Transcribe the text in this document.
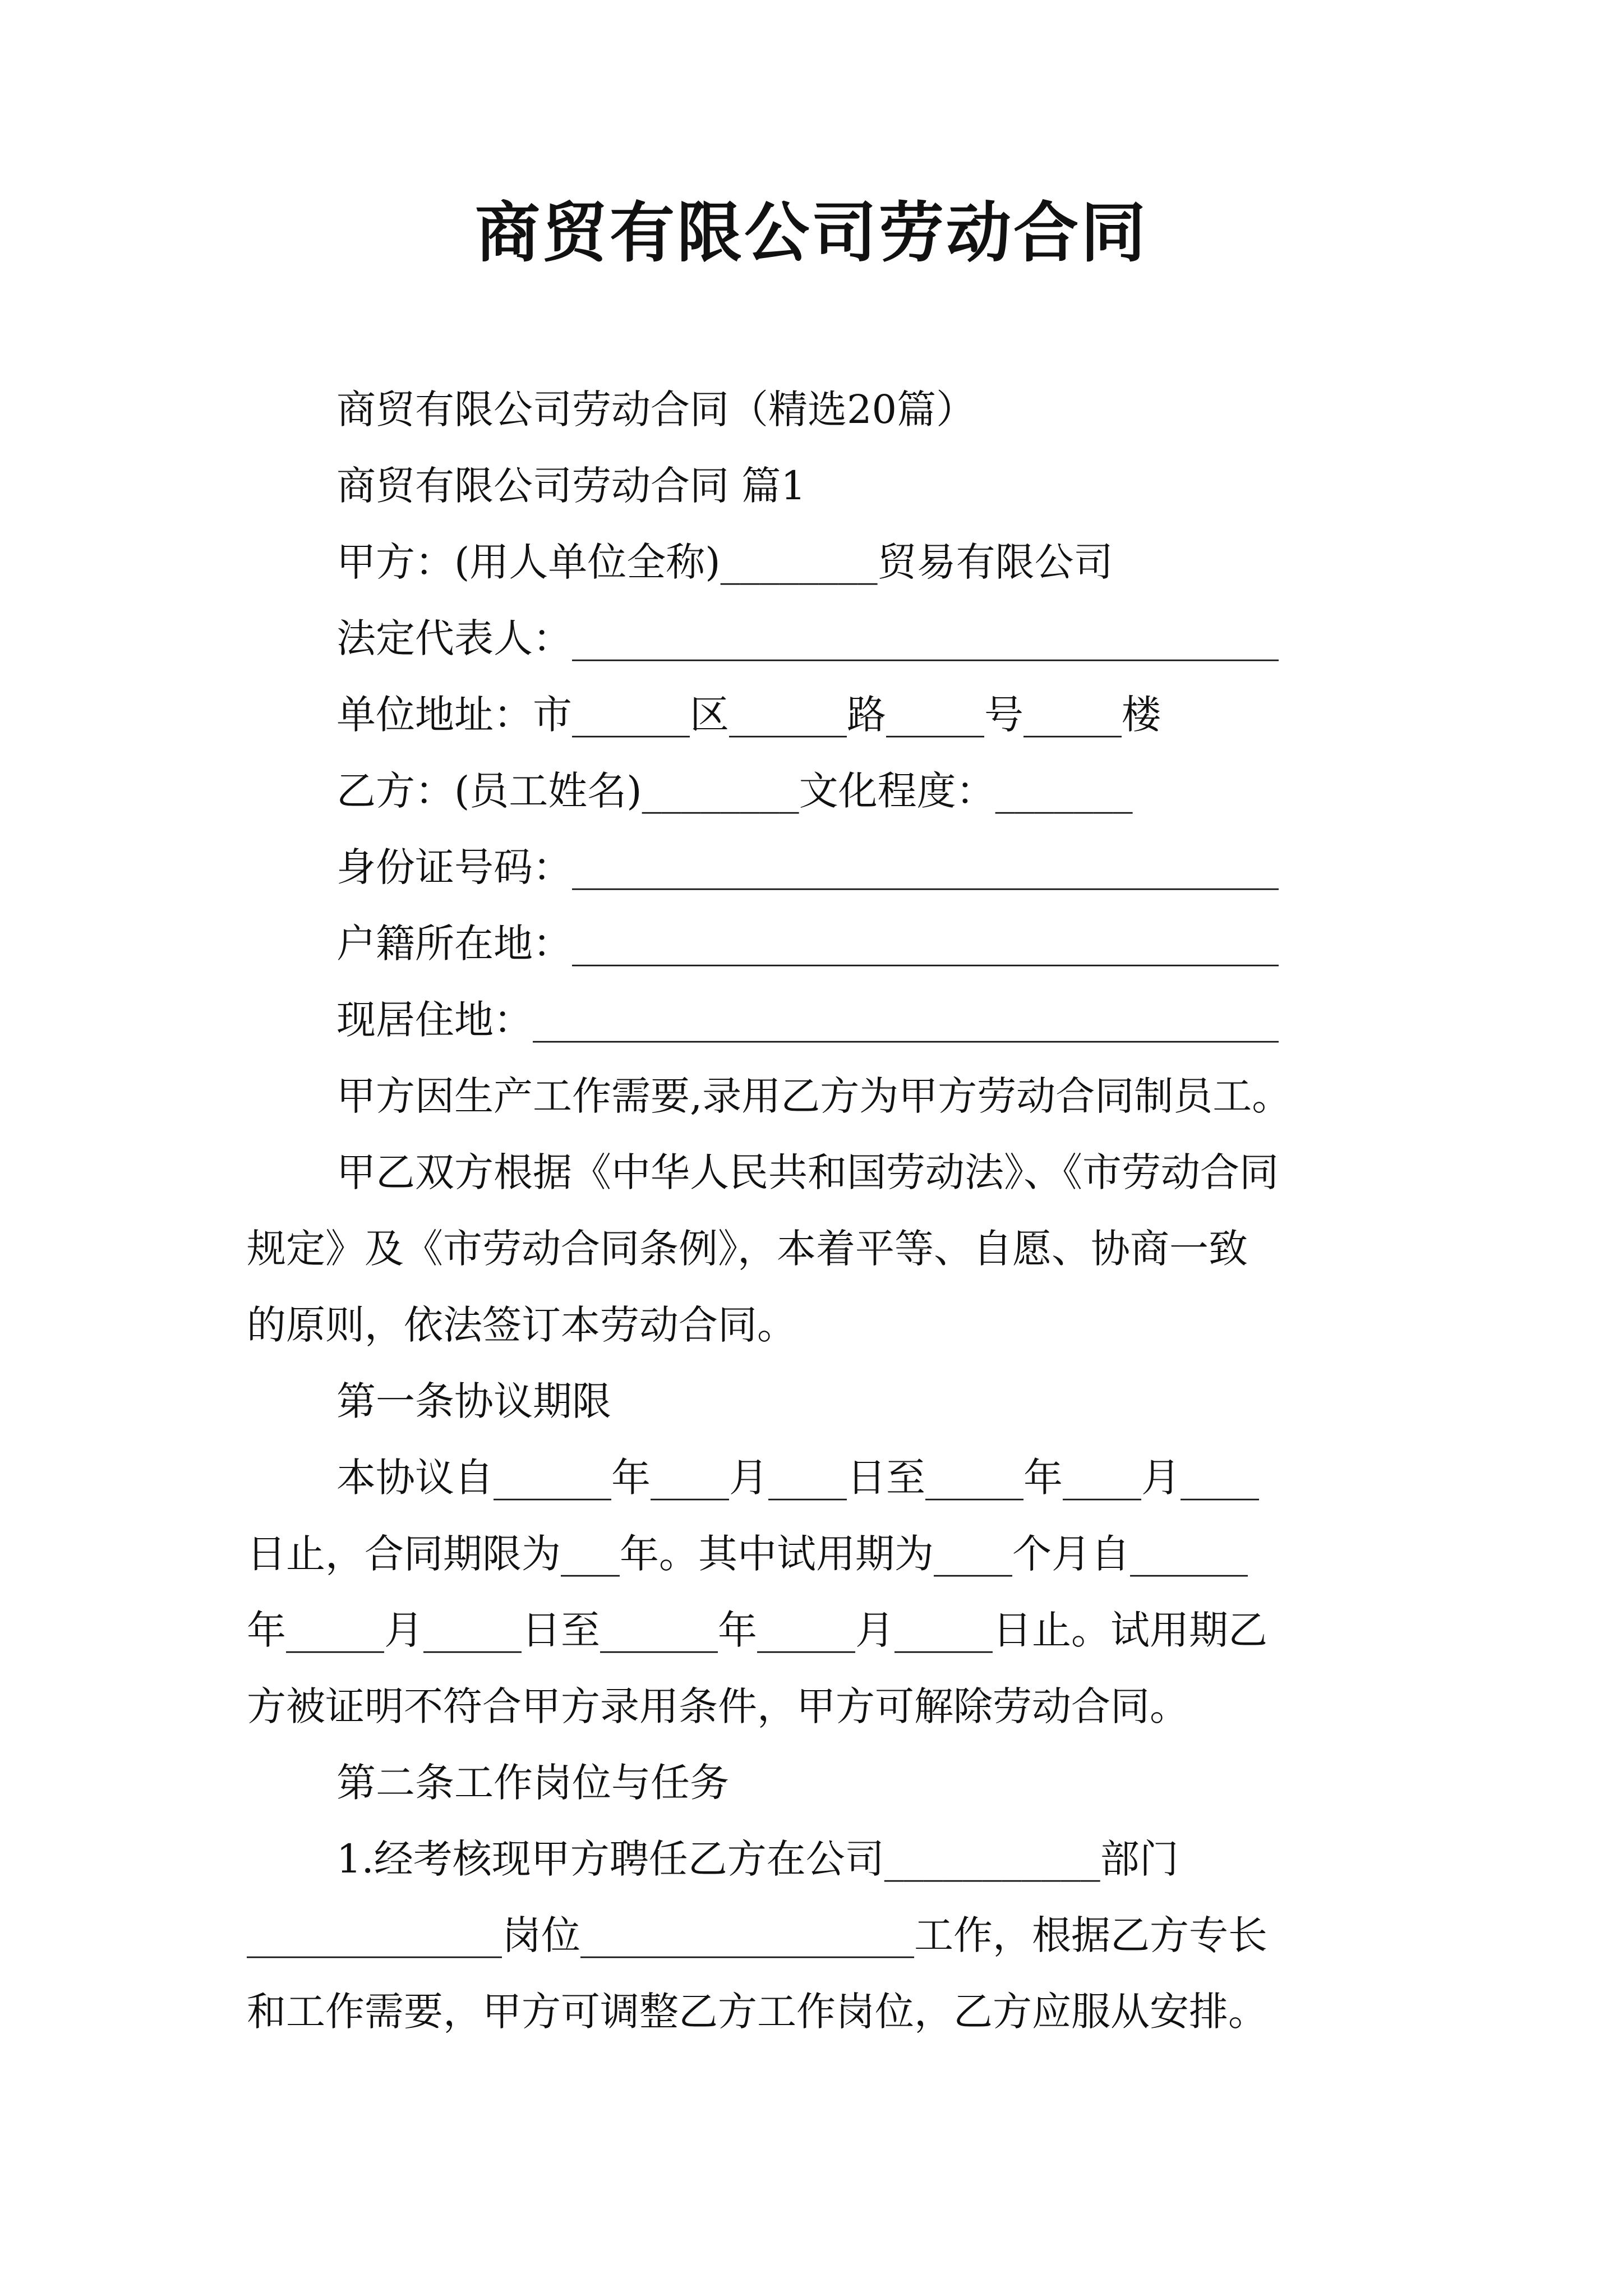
商贸有限公司劳动合同
商贸有限公司劳动合同（精选20篇）
商贸有限公司劳动合同 篇1
甲方：(用人单位全称)________贸易有限公司
法定代表人：____________________________________
单位地址：市______区______路_____号_____楼
乙方：(员工姓名)________文化程度：_______
身份证号码：____________________________________
户籍所在地：____________________________________
现居住地：______________________________________
甲方因生产工作需要,录用乙方为甲方劳动合同制员工。
甲乙双方根据《中华人民共和国劳动法》、《市劳动合同
规定》及《市劳动合同条例》，本着平等、自愿、协商一致
的原则，依法签订本劳动合同。
第一条协议期限
本协议自______年____月____日至_____年____月____
日止，合同期限为___年。其中试用期为____个月自______
年_____月_____日至______年_____月_____日止。试用期乙
方被证明不符合甲方录用条件，甲方可解除劳动合同。
第二条工作岗位与任务
1.经考核现甲方聘任乙方在公司___________部门
_____________岗位_________________工作，根据乙方专长
和工作需要，甲方可调整乙方工作岗位，乙方应服从安排。
